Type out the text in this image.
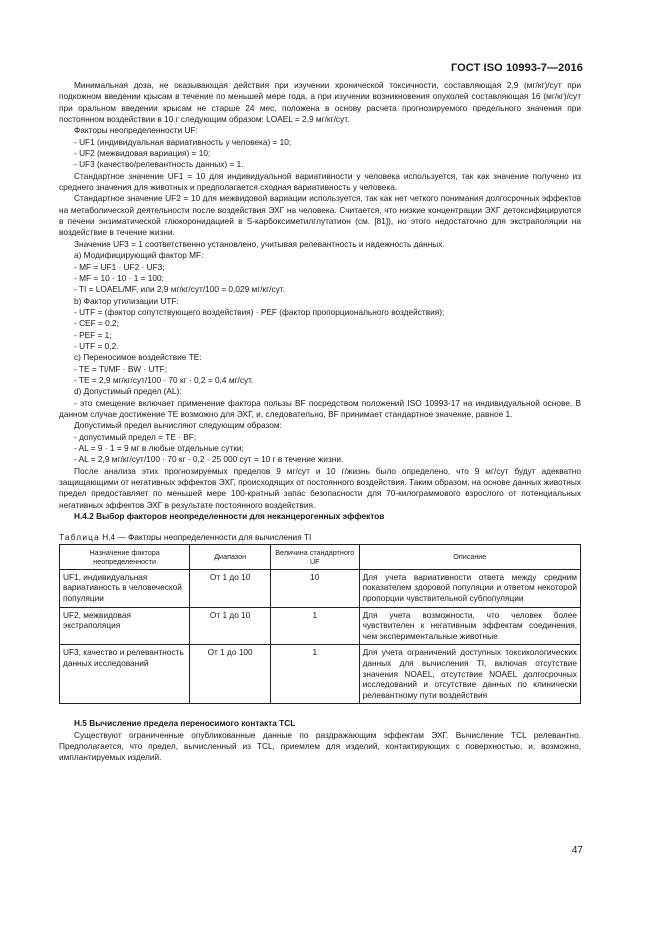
ГОСТ ISO 10993-7—2016

Минимальная доза, не оказывающая действия при изучении хронической токсичности, составляющая 2,9 (мг/кг)/сут при подкожном введении крысам в течение по меньшей мере года, а при изучении возникновения опухолей составляющая 16 (мг/кг)/сут при оральном введении крысам не старше 24 мес, положена в основу расчета прогнозируемого предельного значения при постоянном воздействии в 10 г следующим образом: LOAEL = 2,9 мг/кг/сут.

Факторы неопределенности UF:

- UF1 (индивидуальная вариативность у человека) = 10;

- UF2 (межвидовая вариация) = 10;

- UF3 (качество/релевантность данных) = 1.

Стандартное значение UF1 = 10 для индивидуальной вариативности у человека используется, так как значение получено из среднего значения для животных и предполагается сходная вариативность у человека.

Стандартное значение UF2 = 10 для межвидовой вариации используется, так как нет четкого понимания долгосрочных эффектов на метаболической деятельности после воздействия ЭХГ на человека. Считается, что низкие концентрации ЭХГ детоксифицируются в печени энзиматической глюкоронидацией в S-карбоксиметилглутатион (см. [81]), но этого недостаточно для экстраполяции на воздействие в течение жизни.

Значение UF3 = 1 соответственно установлено, учитывая релевантность и надежность данных.

а) Модифицирующий фактор MF:

- MF = UF1 · UF2 · UF3;

- MF = 10 · 10 · 1 = 100;

- TI = LOAEL/MF, или 2,9 мг/кг/сут/100 = 0,029 мг/кг/сут.

b) Фактор утилизации UTF:

- UTF = (фактор сопутствующего воздействия) · PEF (фактор пропорционального воздействия);

- CEF = 0,2;

- PEF = 1;

- UTF = 0,2.

c) Переносимое воздействие TE:

- TE = TI/MF · BW · UTF;

- TE = 2,9 мг/кг/сут/100 · 70 кг · 0,2 = 0,4 мг/сут.

d) Допустимый предел (AL):

- это смещение включает применение фактора пользы BF посредством положений ISO 10993-17 на индивидуальной основе. В данном случае достижение TE возможно для ЭХГ, и, следовательно, BF принимает стандартное значение, равное 1.

Допустимый предел вычисляют следующим образом:

- допустимый предел = TE · BF;

- AL = 9 · 1 = 9 мг в любые отдельные сутки;

- AL = 2,9 мг/кг/сут/100 · 70 кг · 0,2 · 25 000 сут = 10 г в течение жизни.

После анализа этих прогнозируемых пределов 9 мг/сут и 10 г/жизнь было определено, что 9 мг/сут будут адекватно защищающими от негативных эффектов ЭХГ, происходящих от постоянного воздействия. Таким образом, на основе данных животных предел предоставляет по меньшей мере 100-кратный запас безопасности для 70-килограммового взрослого от потенциальных негативных эффектов ЭХГ в результате постоянного воздействия.

H.4.2 Выбор факторов неопределенности для неканцерогенных эффектов

Таблица H.4 — Факторы неопределенности для вычисления TI

Назначение фактора неопределенности	Диапазон	Величина стандартного UF	Описание
UF1, индивидуальная вариативность в человеческой популяции	От 1 до 10	10	Для учета вариативности ответа между средним показателем здоровой популяции и ответом некоторой пропорции чувствительной субпопуляции
UF2, межвидовая экстраполяция	От 1 до 10	1	Для учета возможности, что человек более чувствителен к негативным эффектам соединения, чем экспериментальные животные
UF3, качество и релевантность данных исследований	От 1 до 100	1	Для учета ограничений доступных токсикологических данных для вычисления TI, включая отсутствие значения NOAEL, отсутствие NOAEL долгосрочных исследований и отсутствие данных по клинически релевантному пути воздействия

H.5 Вычисление предела переносимого контакта TCL

Существуют ограниченные опубликованные данные по раздражающим эффектам ЭХГ. Вычисление TCL релевантно. Предполагается, что предел, вычисленный из TCL, приемлем для изделий, контактирующих с поверхностью, и, возможно, имплантируемых изделий.

47
